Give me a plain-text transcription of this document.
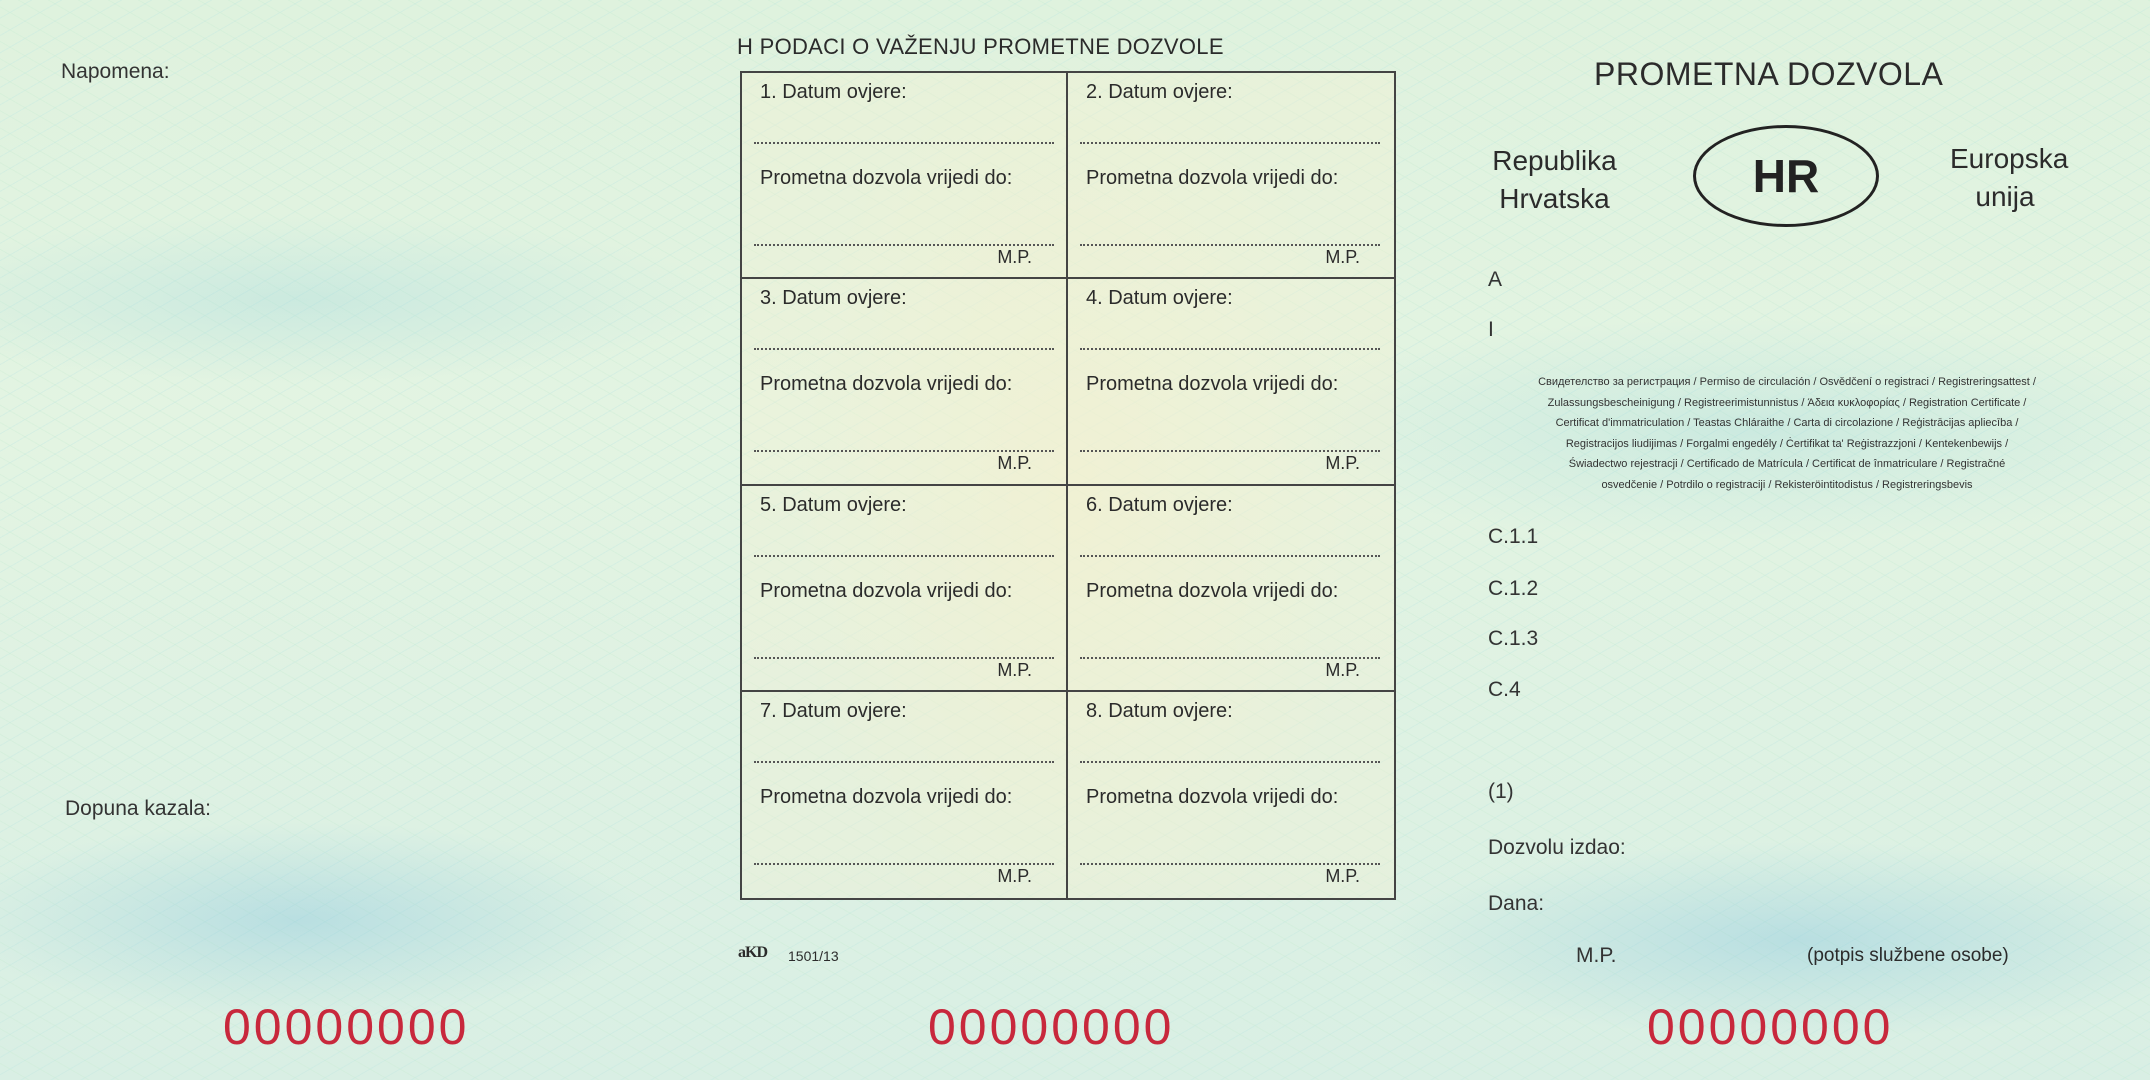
Napomena:
Dopuna kazala:
H PODACI O VAŽENJU PROMETNE DOZVOLE
1. Datum ovjere:
Prometna dozvola vrijedi do:
M.P.
2. Datum ovjere:
Prometna dozvola vrijedi do:
M.P.
3. Datum ovjere:
Prometna dozvola vrijedi do:
M.P.
4. Datum ovjere:
Prometna dozvola vrijedi do:
M.P.
5. Datum ovjere:
Prometna dozvola vrijedi do:
M.P.
6. Datum ovjere:
Prometna dozvola vrijedi do:
M.P.
7. Datum ovjere:
Prometna dozvola vrijedi do:
M.P.
8. Datum ovjere:
Prometna dozvola vrijedi do:
M.P.
aKD 1501/13
PROMETNA DOZVOLA
Republika
Hrvatska	HR	Europska
unija
A
I
Свидетелство за регистрация / Permiso de circulación / Osvědčení o registraci / Registreringsattest /
Zulassungsbescheinigung / Registreerimistunnistus / Άδεια κυκλοφορίας / Registration Certificate /
Certificat d'immatriculation / Teastas Chláraithe / Carta di circolazione / Reģistrācijas apliecība /
Registracijos liudijimas / Forgalmi engedély / Ċertifikat ta' Reġistrazzjoni / Kentekenbewijs /
Świadectwo rejestracji / Certificado de Matrícula / Certificat de înmatriculare / Registračné
osvedčenie / Potrdilo o registraciji / Rekisteröintitodistus / Registreringsbevis
C.1.1
C.1.2
C.1.3
C.4
(1)
Dozvolu izdao:
Dana:
M.P.	(potpis službene osobe)
00000000	00000000	00000000
